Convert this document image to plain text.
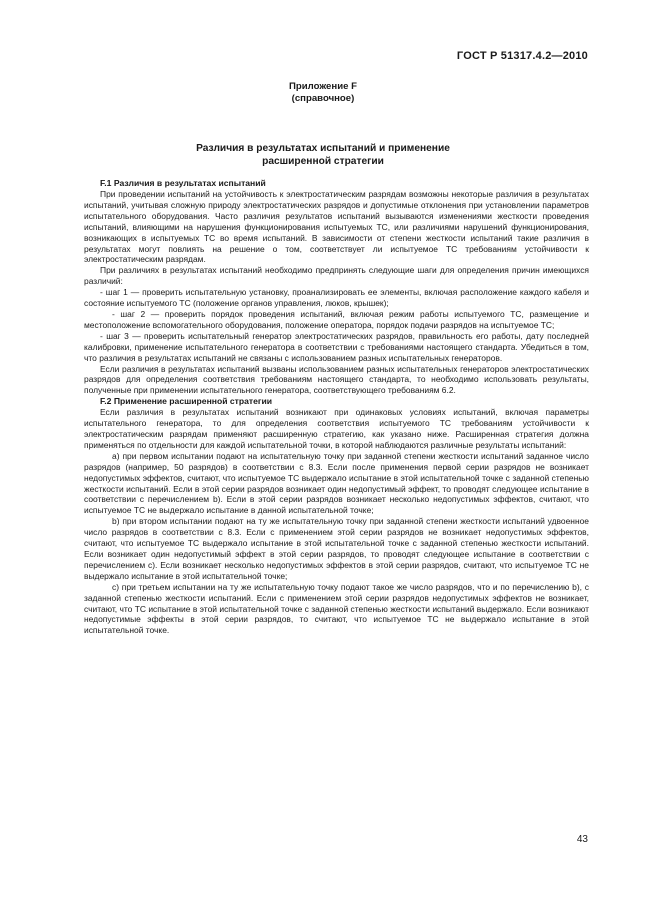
ГОСТ Р 51317.4.2—2010
Приложение F
(справочное)
Различия в результатах испытаний и применение
расширенной стратегии
F.1 Различия в результатах испытаний

При проведении испытаний на устойчивость к электростатическим разрядам возможны некоторые различия в результатах испытаний, учитывая сложную природу электростатических разрядов и допустимые отклонения при установлении параметров испытательного оборудования. Часто различия результатов испытаний вызываются изменениями жесткости проведения испытаний, влияющими на нарушения функционирования испытуемых ТС, или различиями нарушений функционирования, возникающих в испытуемых ТС во время испытаний. В зависимости от степени жесткости испытаний такие различия в результатах могут повлиять на решение о том, соответствует ли испытуемое ТС требованиям устойчивости к электростатическим разрядам.

При различиях в результатах испытаний необходимо предпринять следующие шаги для определения причин имеющихся различий:

- шаг 1 — проверить испытательную установку, проанализировать ее элементы, включая расположение каждого кабеля и состояние испытуемого ТС (положение органов управления, люков, крышек);

- шаг 2 — проверить порядок проведения испытаний, включая режим работы испытуемого ТС, размещение и местоположение вспомогательного оборудования, положение оператора, порядок подачи разрядов на испытуемое ТС;

- шаг 3 — проверить испытательный генератор электростатических разрядов, правильность его работы, дату последней калибровки, применение испытательного генератора в соответствии с требованиями настоящего стандарта. Убедиться в том, что различия в результатах испытаний не связаны с использованием разных испытательных генераторов.

Если различия в результатах испытаний вызваны использованием разных испытательных генераторов электростатических разрядов для определения соответствия требованиям настоящего стандарта, то необходимо использовать результаты, полученные при применении испытательного генератора, соответствующего требованиям 6.2.

F.2 Применение расширенной стратегии

Если различия в результатах испытаний возникают при одинаковых условиях испытаний, включая параметры испытательного генератора, то для определения соответствия испытуемого ТС требованиям устойчивости к электростатическим разрядам применяют расширенную стратегию, как указано ниже. Расширенная стратегия должна применяться по отдельности для каждой испытательной точки, в которой наблюдаются различные результаты испытаний:

а) при первом испытании подают на испытательную точку при заданной степени жесткости испытаний заданное число разрядов (например, 50 разрядов) в соответствии с 8.3. Если после применения первой серии разрядов не возникает недопустимых эффектов, считают, что испытуемое ТС выдержало испытание в этой испытательной точке с заданной степенью жесткости испытаний. Если в этой серии разрядов возникает один недопустимый эффект, то проводят следующее испытание в соответствии с перечислением b). Если в этой серии разрядов возникает несколько недопустимых эффектов, считают, что испытуемое ТС не выдержало испытание в данной испытательной точке;

b) при втором испытании подают на ту же испытательную точку при заданной степени жесткости испытаний удвоенное число разрядов в соответствии с 8.3. Если с применением этой серии разрядов не возникает недопустимых эффектов, считают, что испытуемое ТС выдержало испытание в этой испытательной точке с заданной степенью жесткости испытаний. Если возникает один недопустимый эффект в этой серии разрядов, то проводят следующее испытание в соответствии с перечислением с). Если возникает несколько недопустимых эффектов в этой серии разрядов, считают, что испытуемое ТС не выдержало испытание в этой испытательной точке;

с) при третьем испытании на ту же испытательную точку подают такое же число разрядов, что и по перечислению b), с заданной степенью жесткости испытаний. Если с применением этой серии разрядов недопустимых эффектов не возникает, считают, что ТС испытание в этой испытательной точке с заданной степенью жесткости испытаний выдержало. Если возникают недопустимые эффекты в этой серии разрядов, то считают, что испытуемое ТС не выдержало испытание в этой испытательной точке.

43
